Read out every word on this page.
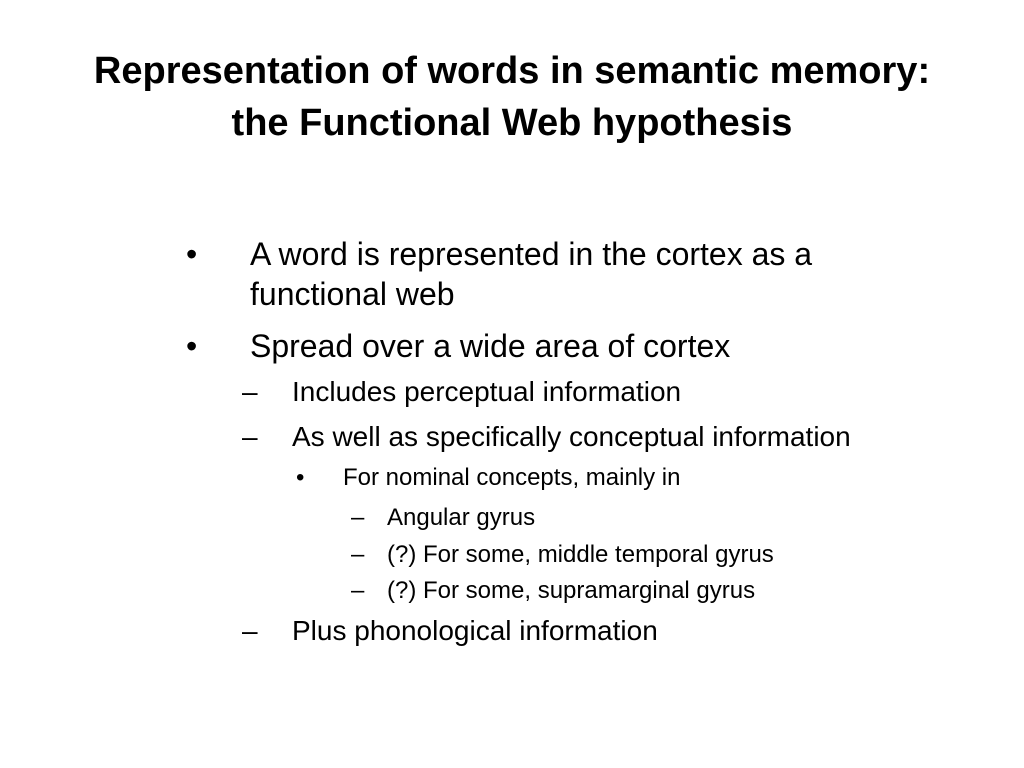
Representation of words in semantic memory:
the Functional Web hypothesis
• A word is represented in the cortex as a
functional web
• Spread over a wide area of cortex
– Includes perceptual information
– As well as specifically conceptual information
• For nominal concepts, mainly in
– Angular gyrus
– (?) For some, middle temporal gyrus
– (?) For some, supramarginal gyrus
– Plus phonological information
